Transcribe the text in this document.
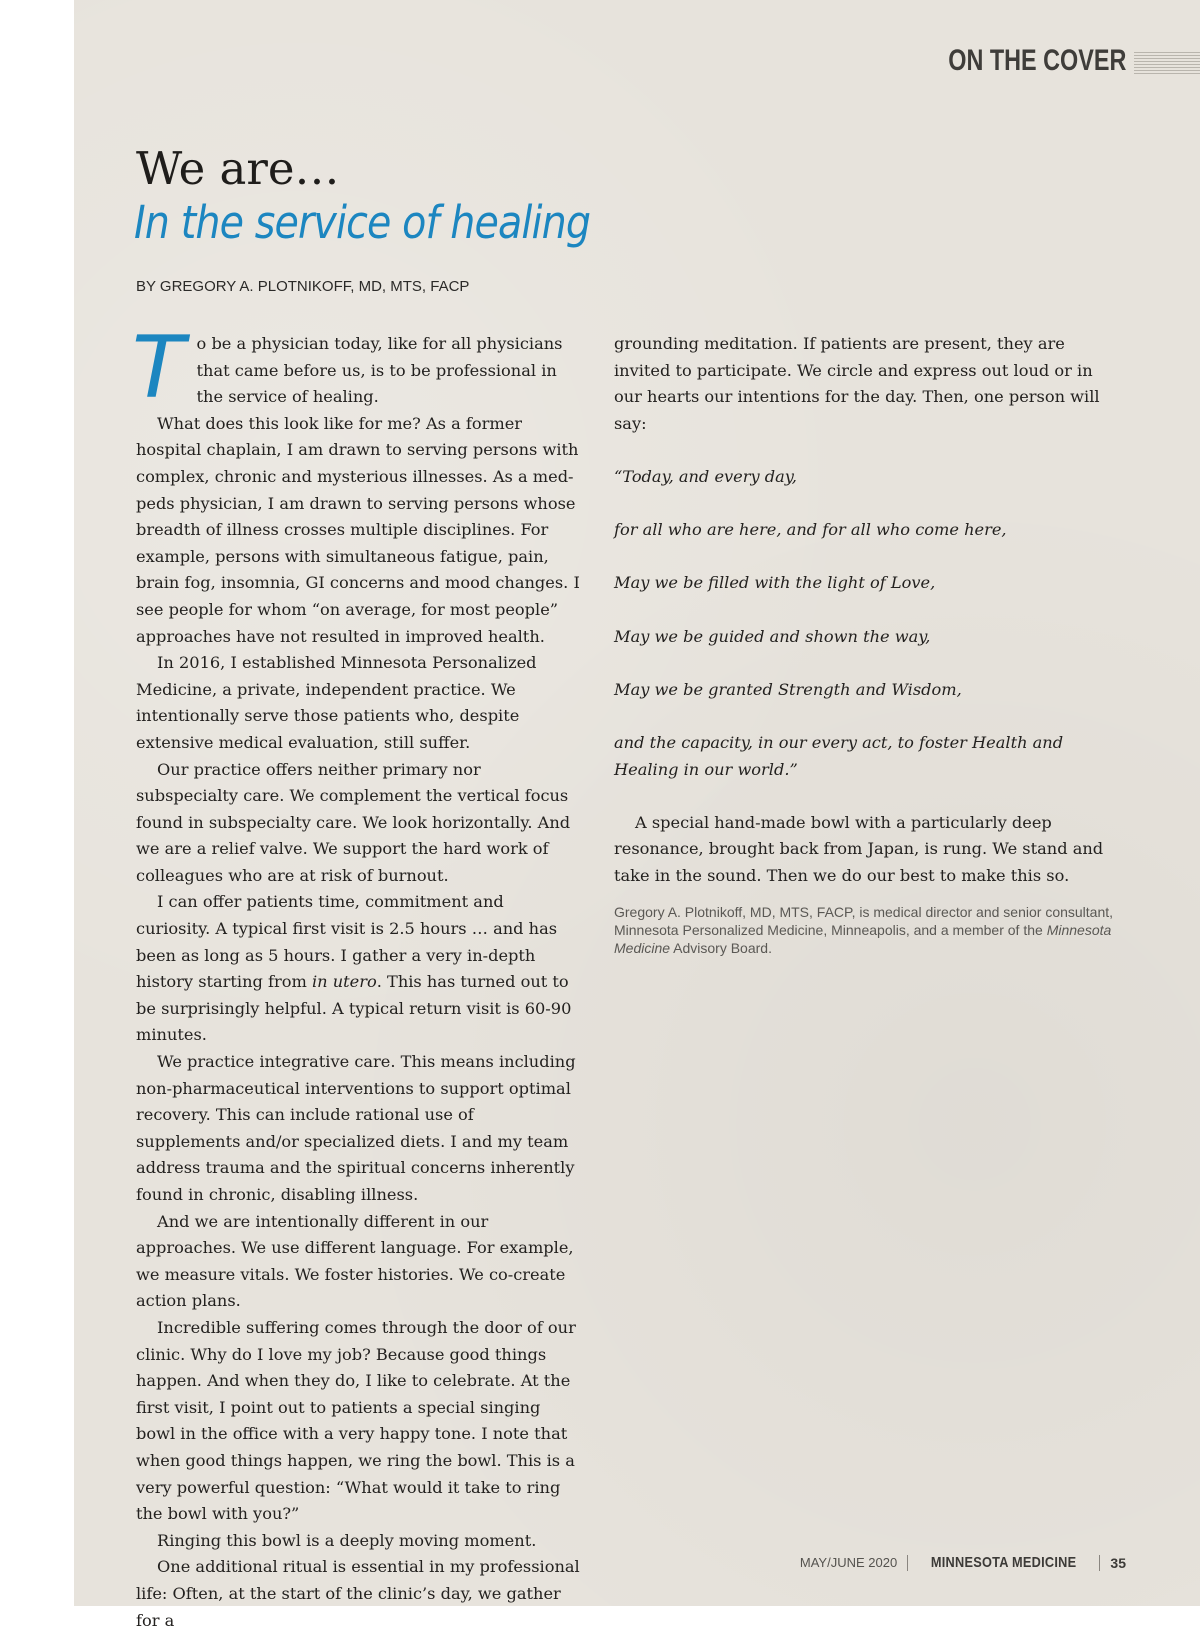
ON THE COVER
We are…
In the service of healing
BY GREGORY A. PLOTNIKOFF, MD, MTS, FACP

To be a physician today, like for all physicians that came before us, is to be professional in the service of healing.

What does this look like for me? As a former hospital chaplain, I am drawn to serving persons with complex, chronic and mysterious illnesses. As a med-peds physician, I am drawn to serving persons whose breadth of illness crosses multiple disciplines. For example, persons with simultaneous fatigue, pain, brain fog, insomnia, GI concerns and mood changes. I see people for whom “on average, for most people” approaches have not resulted in improved health.

In 2016, I established Minnesota Personalized Medicine, a private, independent practice. We intentionally serve those patients who, despite extensive medical evaluation, still suffer.

Our practice offers neither primary nor subspecialty care. We complement the vertical focus found in subspecialty care. We look horizontally. And we are a relief valve. We support the hard work of colleagues who are at risk of burnout.

I can offer patients time, commitment and curiosity. A typical first visit is 2.5 hours … and has been as long as 5 hours. I gather a very in-depth history starting from in utero. This has turned out to be surprisingly helpful. A typical return visit is 60-90 minutes.

We practice integrative care. This means including non-pharmaceutical interventions to support optimal recovery. This can include rational use of supplements and/or specialized diets. I and my team address trauma and the spiritual concerns inherently found in chronic, disabling illness.

And we are intentionally different in our approaches. We use different language. For example, we measure vitals. We foster histories. We co-create action plans.

Incredible suffering comes through the door of our clinic. Why do I love my job? Because good things happen. And when they do, I like to celebrate. At the first visit, I point out to patients a special singing bowl in the office with a very happy tone. I note that when good things happen, we ring the bowl. This is a very powerful question: “What would it take to ring the bowl with you?”

Ringing this bowl is a deeply moving moment.

One additional ritual is essential in my professional life: Often, at the start of the clinic’s day, we gather for a

grounding meditation. If patients are present, they are invited to participate. We circle and express out loud or in our hearts our intentions for the day. Then, one person will say:

“Today, and every day,

for all who are here, and for all who come here,

May we be filled with the light of Love,

May we be guided and shown the way,

May we be granted Strength and Wisdom,

and the capacity, in our every act, to foster Health and Healing in our world.”

A special hand-made bowl with a particularly deep resonance, brought back from Japan, is rung. We stand and take in the sound. Then we do our best to make this so.

Gregory A. Plotnikoff, MD, MTS, FACP, is medical director and senior consultant, Minnesota Personalized Medicine, Minneapolis, and a member of the Minnesota Medicine Advisory Board.
MAY/JUNE 2020 MINNESOTA MEDICINE 35
